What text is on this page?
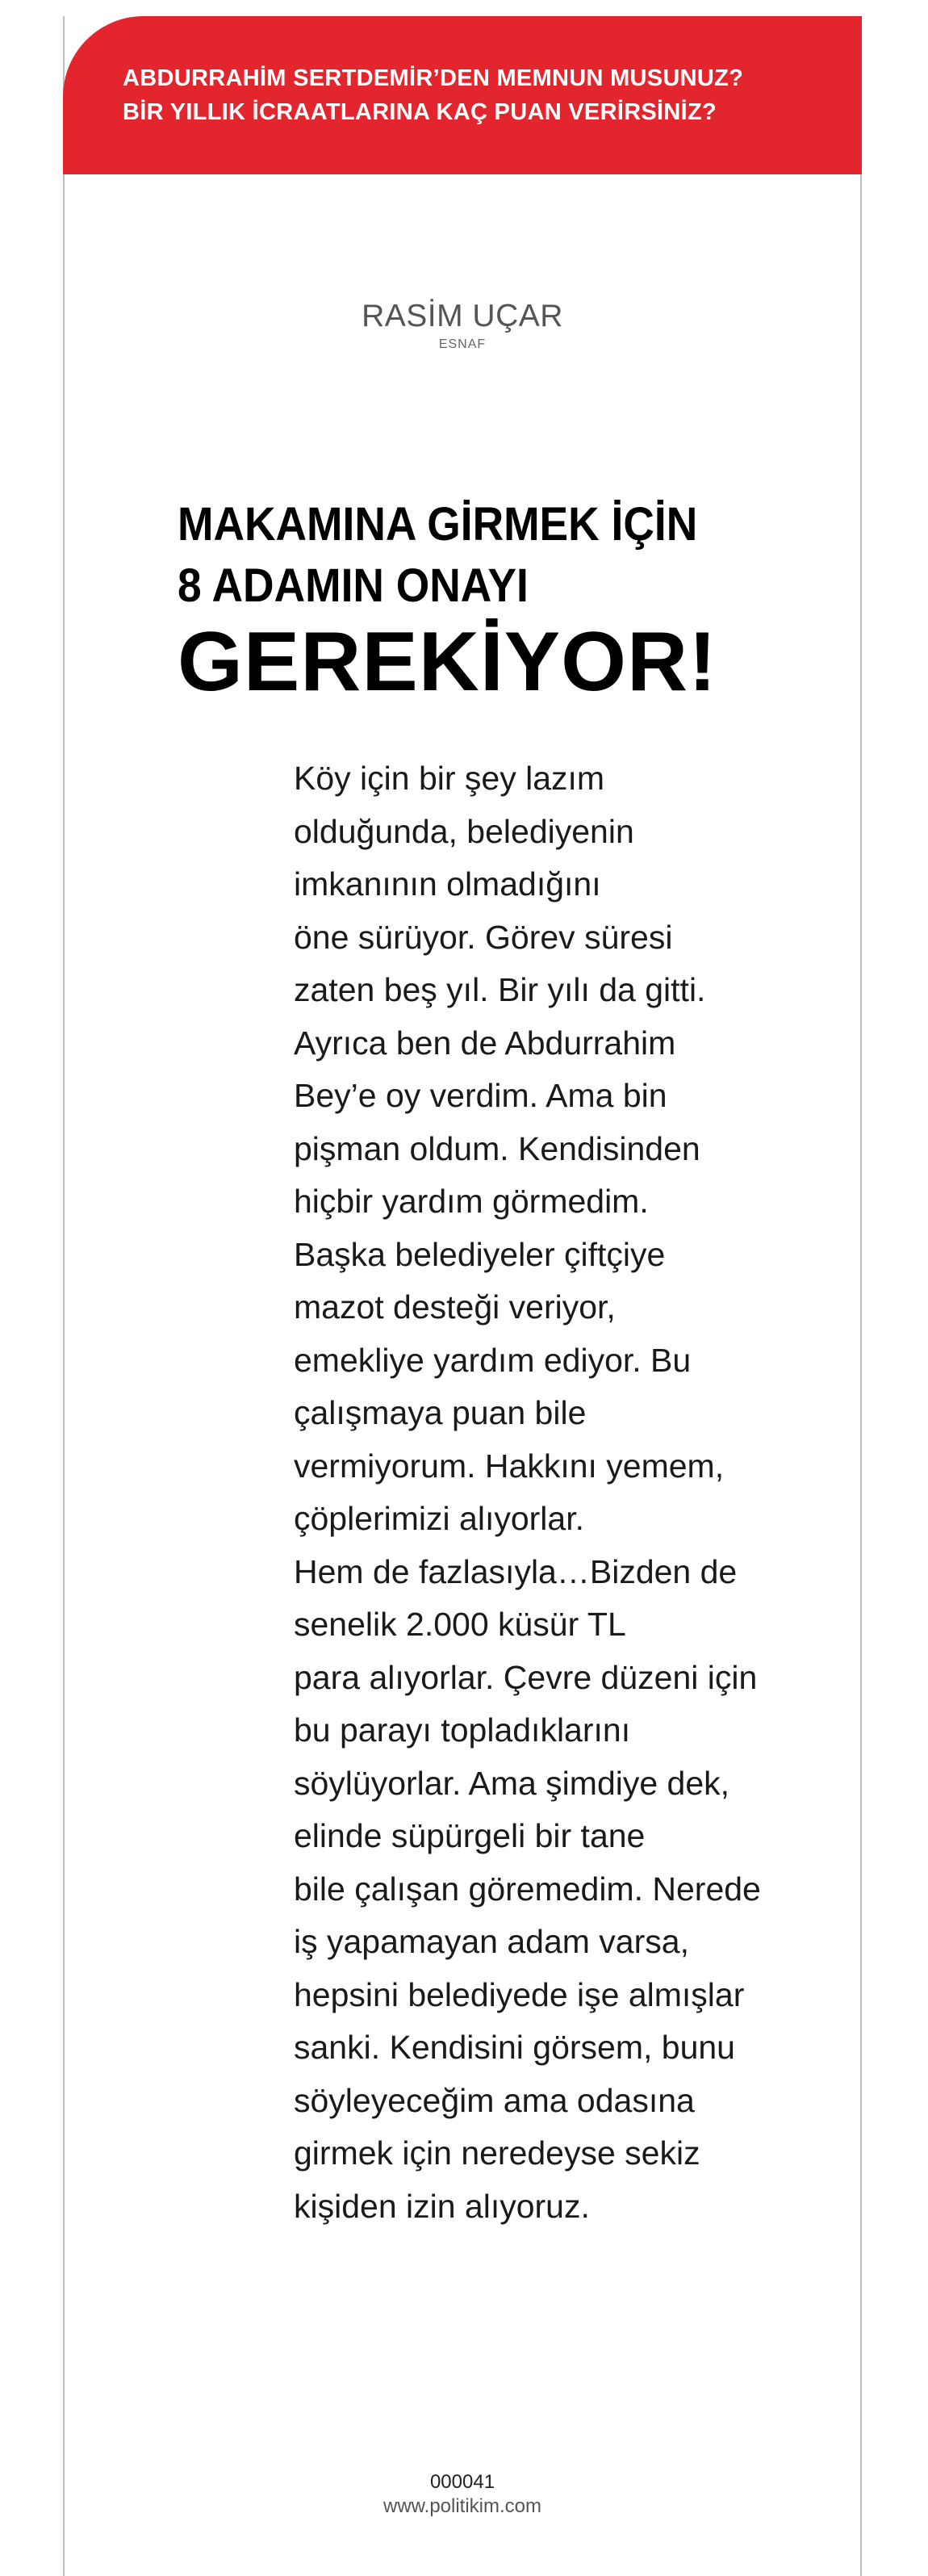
ABDURRAHİM SERTDEMİR’DEN MEMNUN MUSUNUZ?
BİR YILLIK İCRAATLARINA KAÇ PUAN VERİRSİNİZ?
RASİM UÇAR
ESNAF
MAKAMINA GİRMEK İÇİN
8 ADAMIN ONAYI
GEREKİYOR!
Köy için bir şey lazım
olduğunda, belediyenin
imkanının olmadığını
öne sürüyor. Görev süresi
zaten beş yıl. Bir yılı da gitti.
Ayrıca ben de Abdurrahim
Bey’e oy verdim. Ama bin
pişman oldum. Kendisinden
hiçbir yardım görmedim.
Başka belediyeler çiftçiye
mazot desteği veriyor,
emekliye yardım ediyor. Bu
çalışmaya puan bile
vermiyorum. Hakkını yemem,
çöplerimizi alıyorlar.
Hem de fazlasıyla…Bizden de
senelik 2.000 küsür TL
para alıyorlar. Çevre düzeni için
bu parayı topladıklarını
söylüyorlar. Ama şimdiye dek,
elinde süpürgeli bir tane
bile çalışan göremedim. Nerede
iş yapamayan adam varsa,
hepsini belediyede işe almışlar
sanki. Kendisini görsem, bunu
söyleyeceğim ama odasına
girmek için neredeyse sekiz
kişiden izin alıyoruz.
000041
www.politikim.com
